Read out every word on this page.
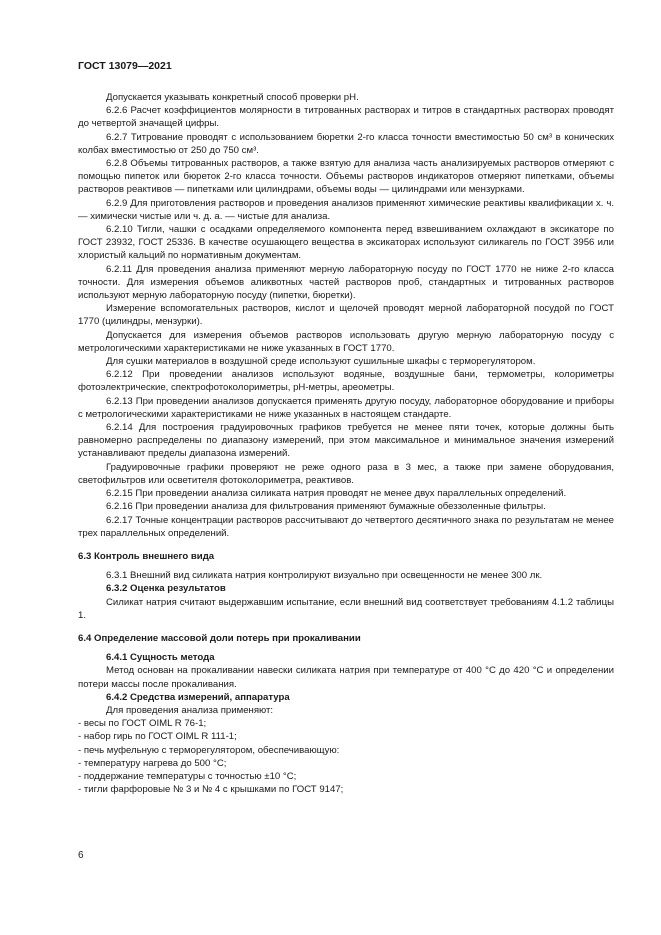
ГОСТ 13079—2021

Допускается указывать конкретный способ проверки pH.

6.2.6 Расчет коэффициентов молярности в титрованных растворах и титров в стандартных растворах проводят до четвертой значащей цифры.

6.2.7 Титрование проводят с использованием бюретки 2-го класса точности вместимостью 50 см³ в конических колбах вместимостью от 250 до 750 см³.

6.2.8 Объемы титрованных растворов, а также взятую для анализа часть анализируемых растворов отмеряют с помощью пипеток или бюреток 2-го класса точности. Объемы растворов индикаторов отмеряют пипетками, объемы растворов реактивов — пипетками или цилиндрами, объемы воды — цилиндрами или мензурками.

6.2.9 Для приготовления растворов и проведения анализов применяют химические реактивы квалификации х. ч. — химически чистые или ч. д. а. — чистые для анализа.

6.2.10 Тигли, чашки с осадками определяемого компонента перед взвешиванием охлаждают в эксикаторе по ГОСТ 23932, ГОСТ 25336. В качестве осушающего вещества в эксикаторах используют силикагель по ГОСТ 3956 или хлористый кальций по нормативным документам.

6.2.11 Для проведения анализа применяют мерную лабораторную посуду по ГОСТ 1770 не ниже 2-го класса точности. Для измерения объемов аликвотных частей растворов проб, стандартных и титрованных растворов используют мерную лабораторную посуду (пипетки, бюретки).

Измерение вспомогательных растворов, кислот и щелочей проводят мерной лабораторной посудой по ГОСТ 1770 (цилиндры, мензурки).

Допускается для измерения объемов растворов использовать другую мерную лабораторную посуду с метрологическими характеристиками не ниже указанных в ГОСТ 1770.

Для сушки материалов в воздушной среде используют сушильные шкафы с терморегулятором.

6.2.12 При проведении анализов используют водяные, воздушные бани, термометры, колориметры фотоэлектрические, спектрофотоколориметры, pH-метры, ареометры.

6.2.13 При проведении анализов допускается применять другую посуду, лабораторное оборудование и приборы с метрологическими характеристиками не ниже указанных в настоящем стандарте.

6.2.14 Для построения градуировочных графиков требуется не менее пяти точек, которые должны быть равномерно распределены по диапазону измерений, при этом максимальное и минимальное значения измерений устанавливают пределы диапазона измерений.

Градуировочные графики проверяют не реже одного раза в 3 мес, а также при замене оборудования, светофильтров или осветителя фотоколориметра, реактивов.

6.2.15 При проведении анализа силиката натрия проводят не менее двух параллельных определений.

6.2.16 При проведении анализа для фильтрования применяют бумажные обеззоленные фильтры.

6.2.17 Точные концентрации растворов рассчитывают до четвертого десятичного знака по результатам не менее трех параллельных определений.

6.3 Контроль внешнего вида

6.3.1 Внешний вид силиката натрия контролируют визуально при освещенности не менее 300 лк.

6.3.2 Оценка результатов

Силикат натрия считают выдержавшим испытание, если внешний вид соответствует требованиям 4.1.2 таблицы 1.

6.4 Определение массовой доли потерь при прокаливании

6.4.1 Сущность метода

Метод основан на прокаливании навески силиката натрия при температуре от 400 °С до 420 °С и определении потери массы после прокаливания.

6.4.2 Средства измерений, аппаратура

Для проведения анализа применяют:

- весы по ГОСТ OIML R 76-1;

- набор гирь по ГОСТ OIML R 111-1;

- печь муфельную с терморегулятором, обеспечивающую:

- температуру нагрева до 500 °С;

- поддержание температуры с точностью ±10 °С;

- тигли фарфоровые № 3 и № 4 с крышками по ГОСТ 9147;

6
